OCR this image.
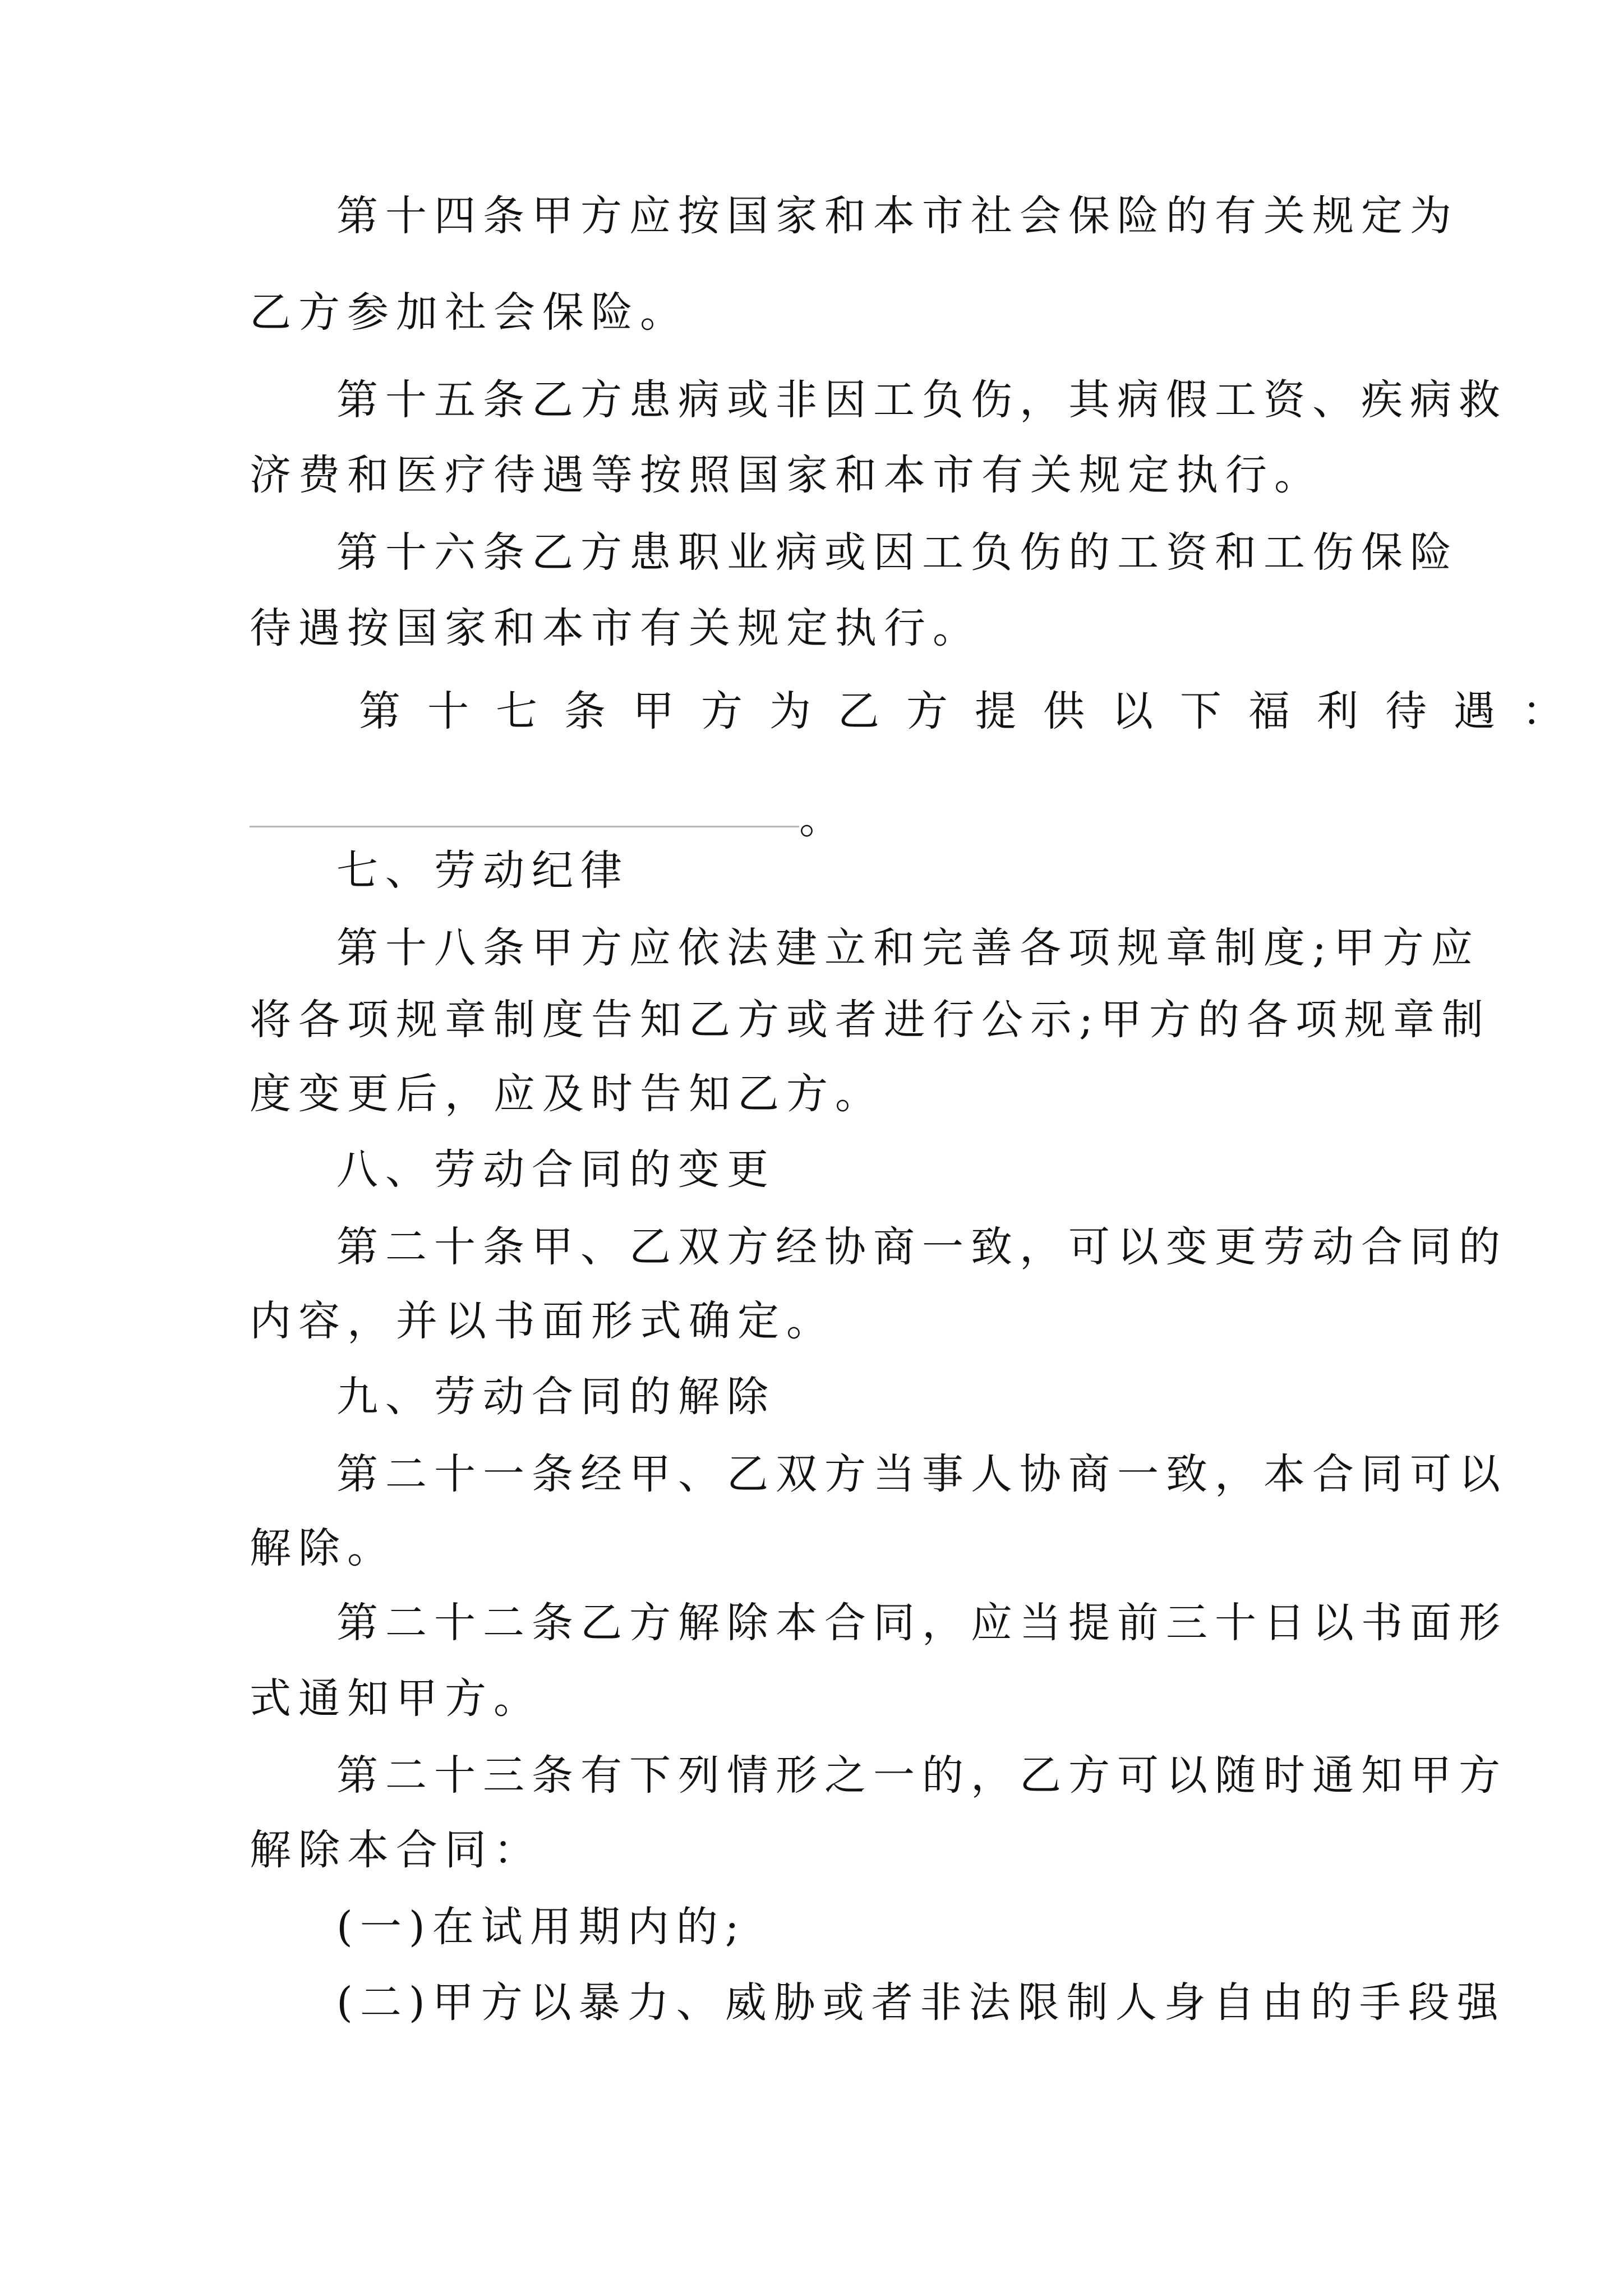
第十四条甲方应按国家和本市社会保险的有关规定为
乙方参加社会保险。
第十五条乙方患病或非因工负伤，其病假工资、疾病救
济费和医疗待遇等按照国家和本市有关规定执行。
第十六条乙方患职业病或因工负伤的工资和工伤保险
待遇按国家和本市有关规定执行。
第十七条甲方为乙方提供以下福利待遇：
。
七、劳动纪律
第十八条甲方应依法建立和完善各项规章制度;甲方应
将各项规章制度告知乙方或者进行公示;甲方的各项规章制
度变更后，应及时告知乙方。
八、劳动合同的变更
第二十条甲、乙双方经协商一致，可以变更劳动合同的
内容，并以书面形式确定。
九、劳动合同的解除
第二十一条经甲、乙双方当事人协商一致，本合同可以
解除。
第二十二条乙方解除本合同，应当提前三十日以书面形
式通知甲方。
第二十三条有下列情形之一的，乙方可以随时通知甲方
解除本合同：
(一)在试用期内的;
(二)甲方以暴力、威胁或者非法限制人身自由的手段强
